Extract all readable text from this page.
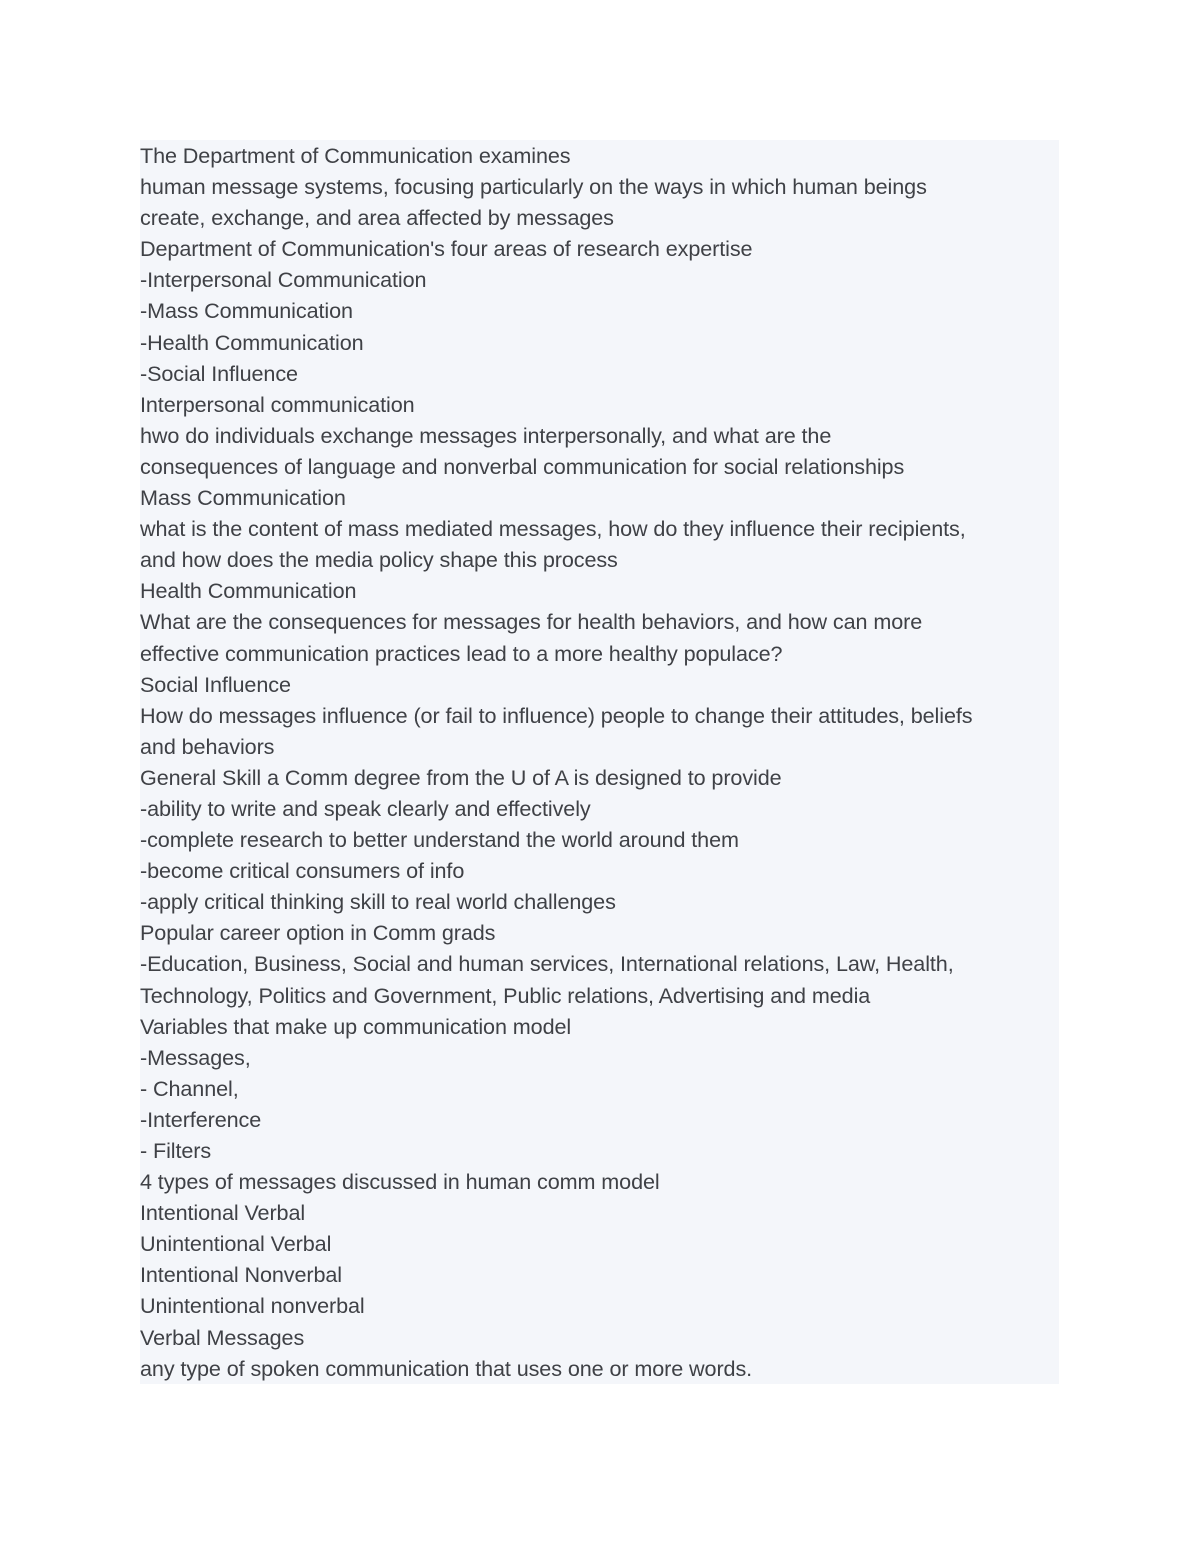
The Department of Communication examines
human message systems, focusing particularly on the ways in which human beings
create, exchange, and area affected by messages
Department of Communication's four areas of research expertise
-Interpersonal Communication
-Mass Communication
-Health Communication
-Social Influence
Interpersonal communication
hwo do individuals exchange messages interpersonally, and what are the
consequences of language and nonverbal communication for social relationships
Mass Communication
what is the content of mass mediated messages, how do they influence their recipients,
and how does the media policy shape this process
Health Communication
What are the consequences for messages for health behaviors, and how can more
effective communication practices lead to a more healthy populace?
Social Influence
How do messages influence (or fail to influence) people to change their attitudes, beliefs
and behaviors
General Skill a Comm degree from the U of A is designed to provide
-ability to write and speak clearly and effectively
-complete research to better understand the world around them
-become critical consumers of info
-apply critical thinking skill to real world challenges
Popular career option in Comm grads
-Education, Business, Social and human services, International relations, Law, Health,
Technology, Politics and Government, Public relations, Advertising and media
Variables that make up communication model
-Messages,
- Channel,
-Interference
- Filters
4 types of messages discussed in human comm model
Intentional Verbal
Unintentional Verbal
Intentional Nonverbal
Unintentional nonverbal
Verbal Messages
any type of spoken communication that uses one or more words.
